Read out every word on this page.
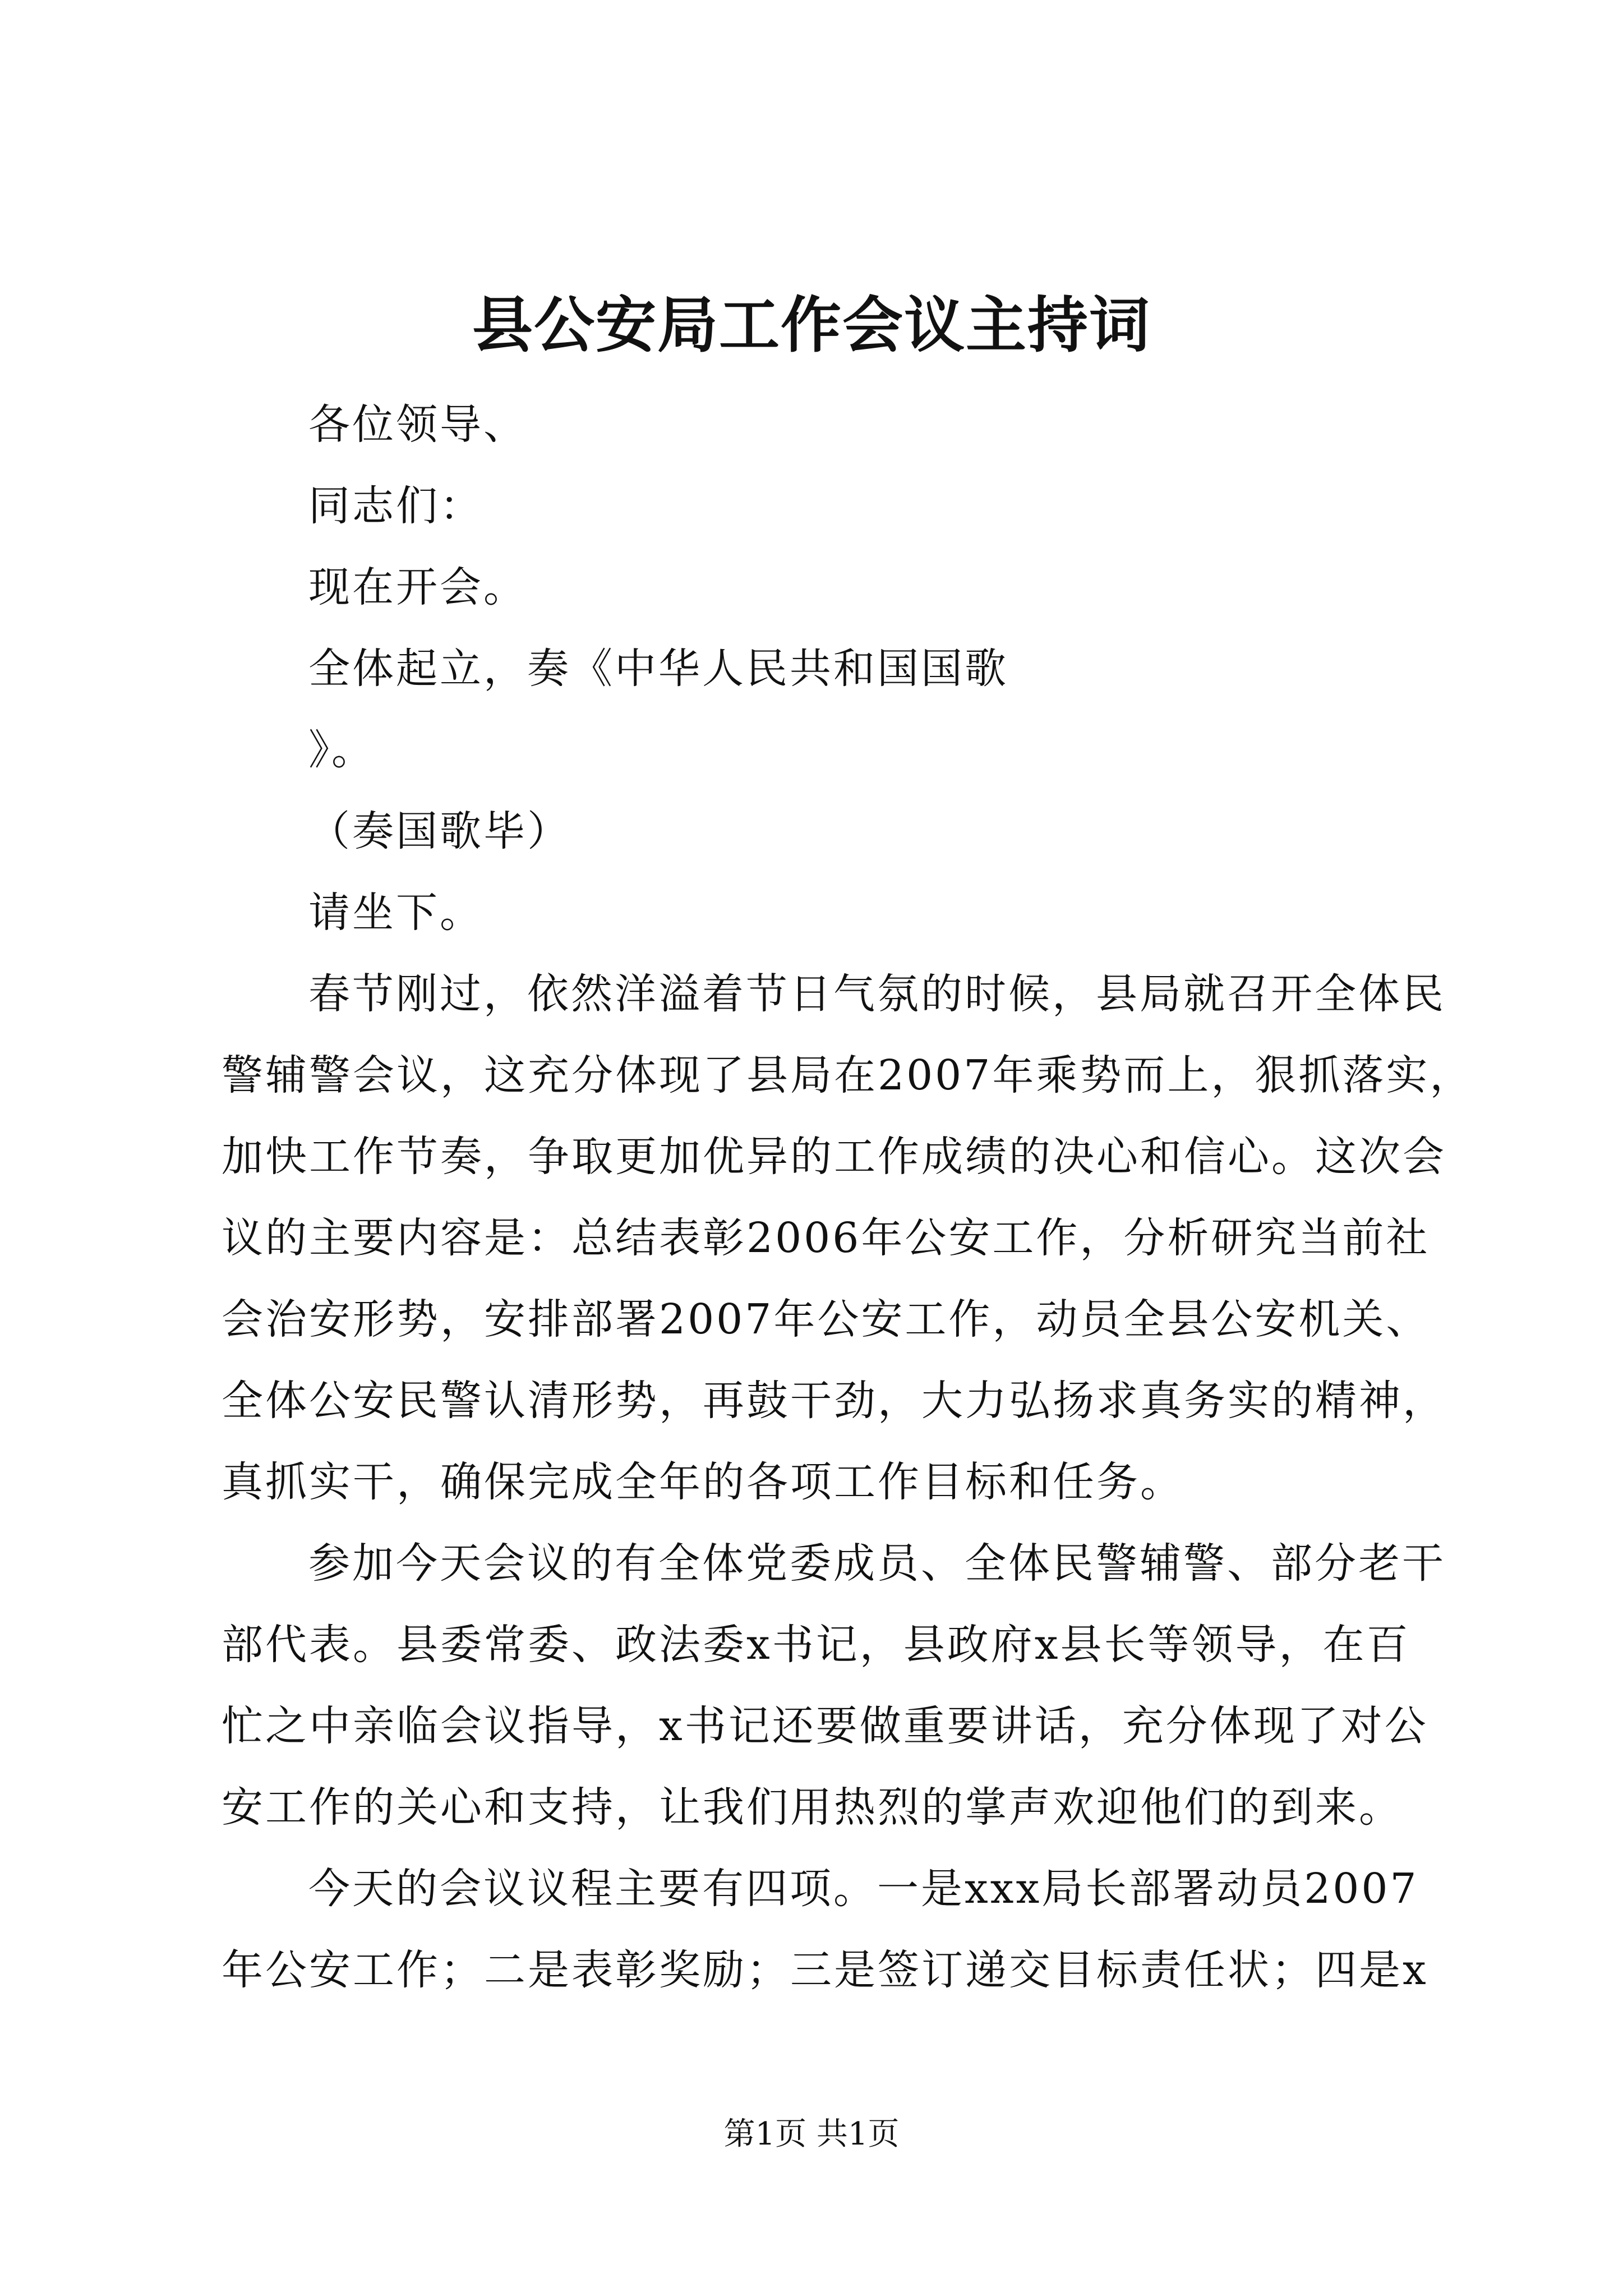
县公安局工作会议主持词
各位领导、
同志们：
现在开会。
全体起立，奏《中华人民共和国国歌
》。
（奏国歌毕）
请坐下。
春节刚过，依然洋溢着节日气氛的时候，县局就召开全体民
警辅警会议，这充分体现了县局在2007年乘势而上，狠抓落实，
加快工作节奏，争取更加优异的工作成绩的决心和信心。这次会
议的主要内容是：总结表彰2006年公安工作，分析研究当前社
会治安形势，安排部署2007年公安工作，动员全县公安机关、
全体公安民警认清形势，再鼓干劲，大力弘扬求真务实的精神，
真抓实干，确保完成全年的各项工作目标和任务。
参加今天会议的有全体党委成员、全体民警辅警、部分老干
部代表。县委常委、政法委x书记，县政府x县长等领导，在百
忙之中亲临会议指导，x书记还要做重要讲话，充分体现了对公
安工作的关心和支持，让我们用热烈的掌声欢迎他们的到来。
今天的会议议程主要有四项。一是xxx局长部署动员2007
年公安工作；二是表彰奖励；三是签订递交目标责任状；四是x
第1页 共1页
